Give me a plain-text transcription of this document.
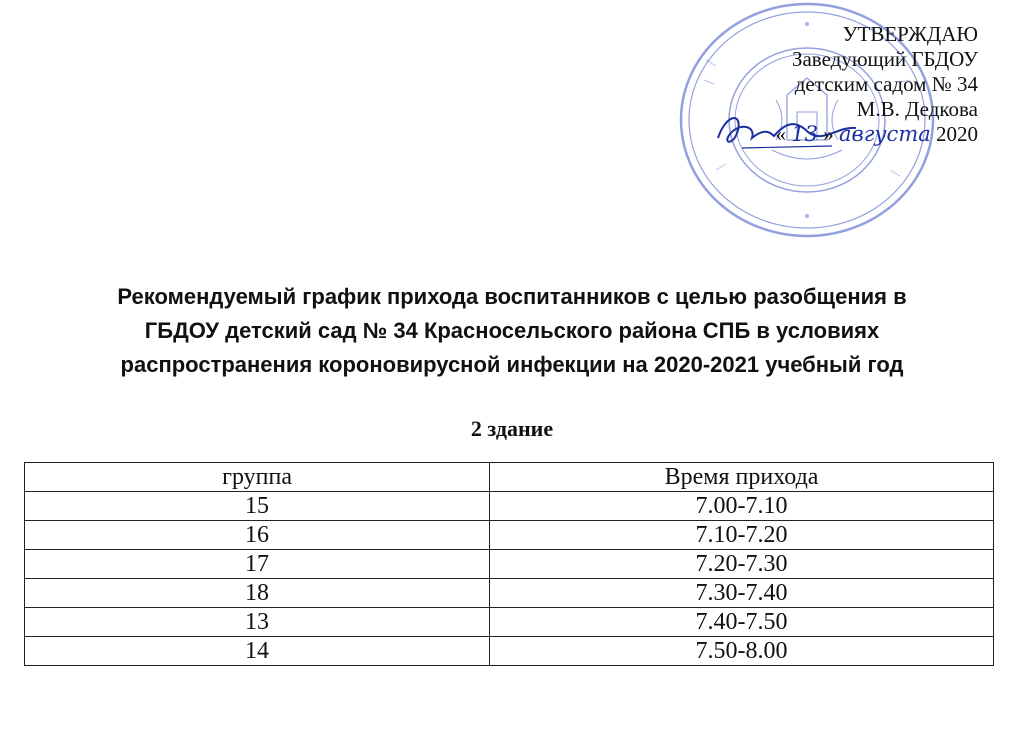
УТВЕРЖДАЮ
Заведующий ГБДОУ
детским садом № 34
М.В. Дедкова
« 13 » августа 2020
Рекомендуемый график прихода воспитанников с целью разобщения в
ГБДОУ детский сад № 34 Красносельского района СПБ в условиях
распространения короновирусной инфекции на 2020-2021 учебный год
2 здание
группа	Время прихода
15	7.00-7.10
16	7.10-7.20
17	7.20-7.30
18	7.30-7.40
13	7.40-7.50
14	7.50-8.00
